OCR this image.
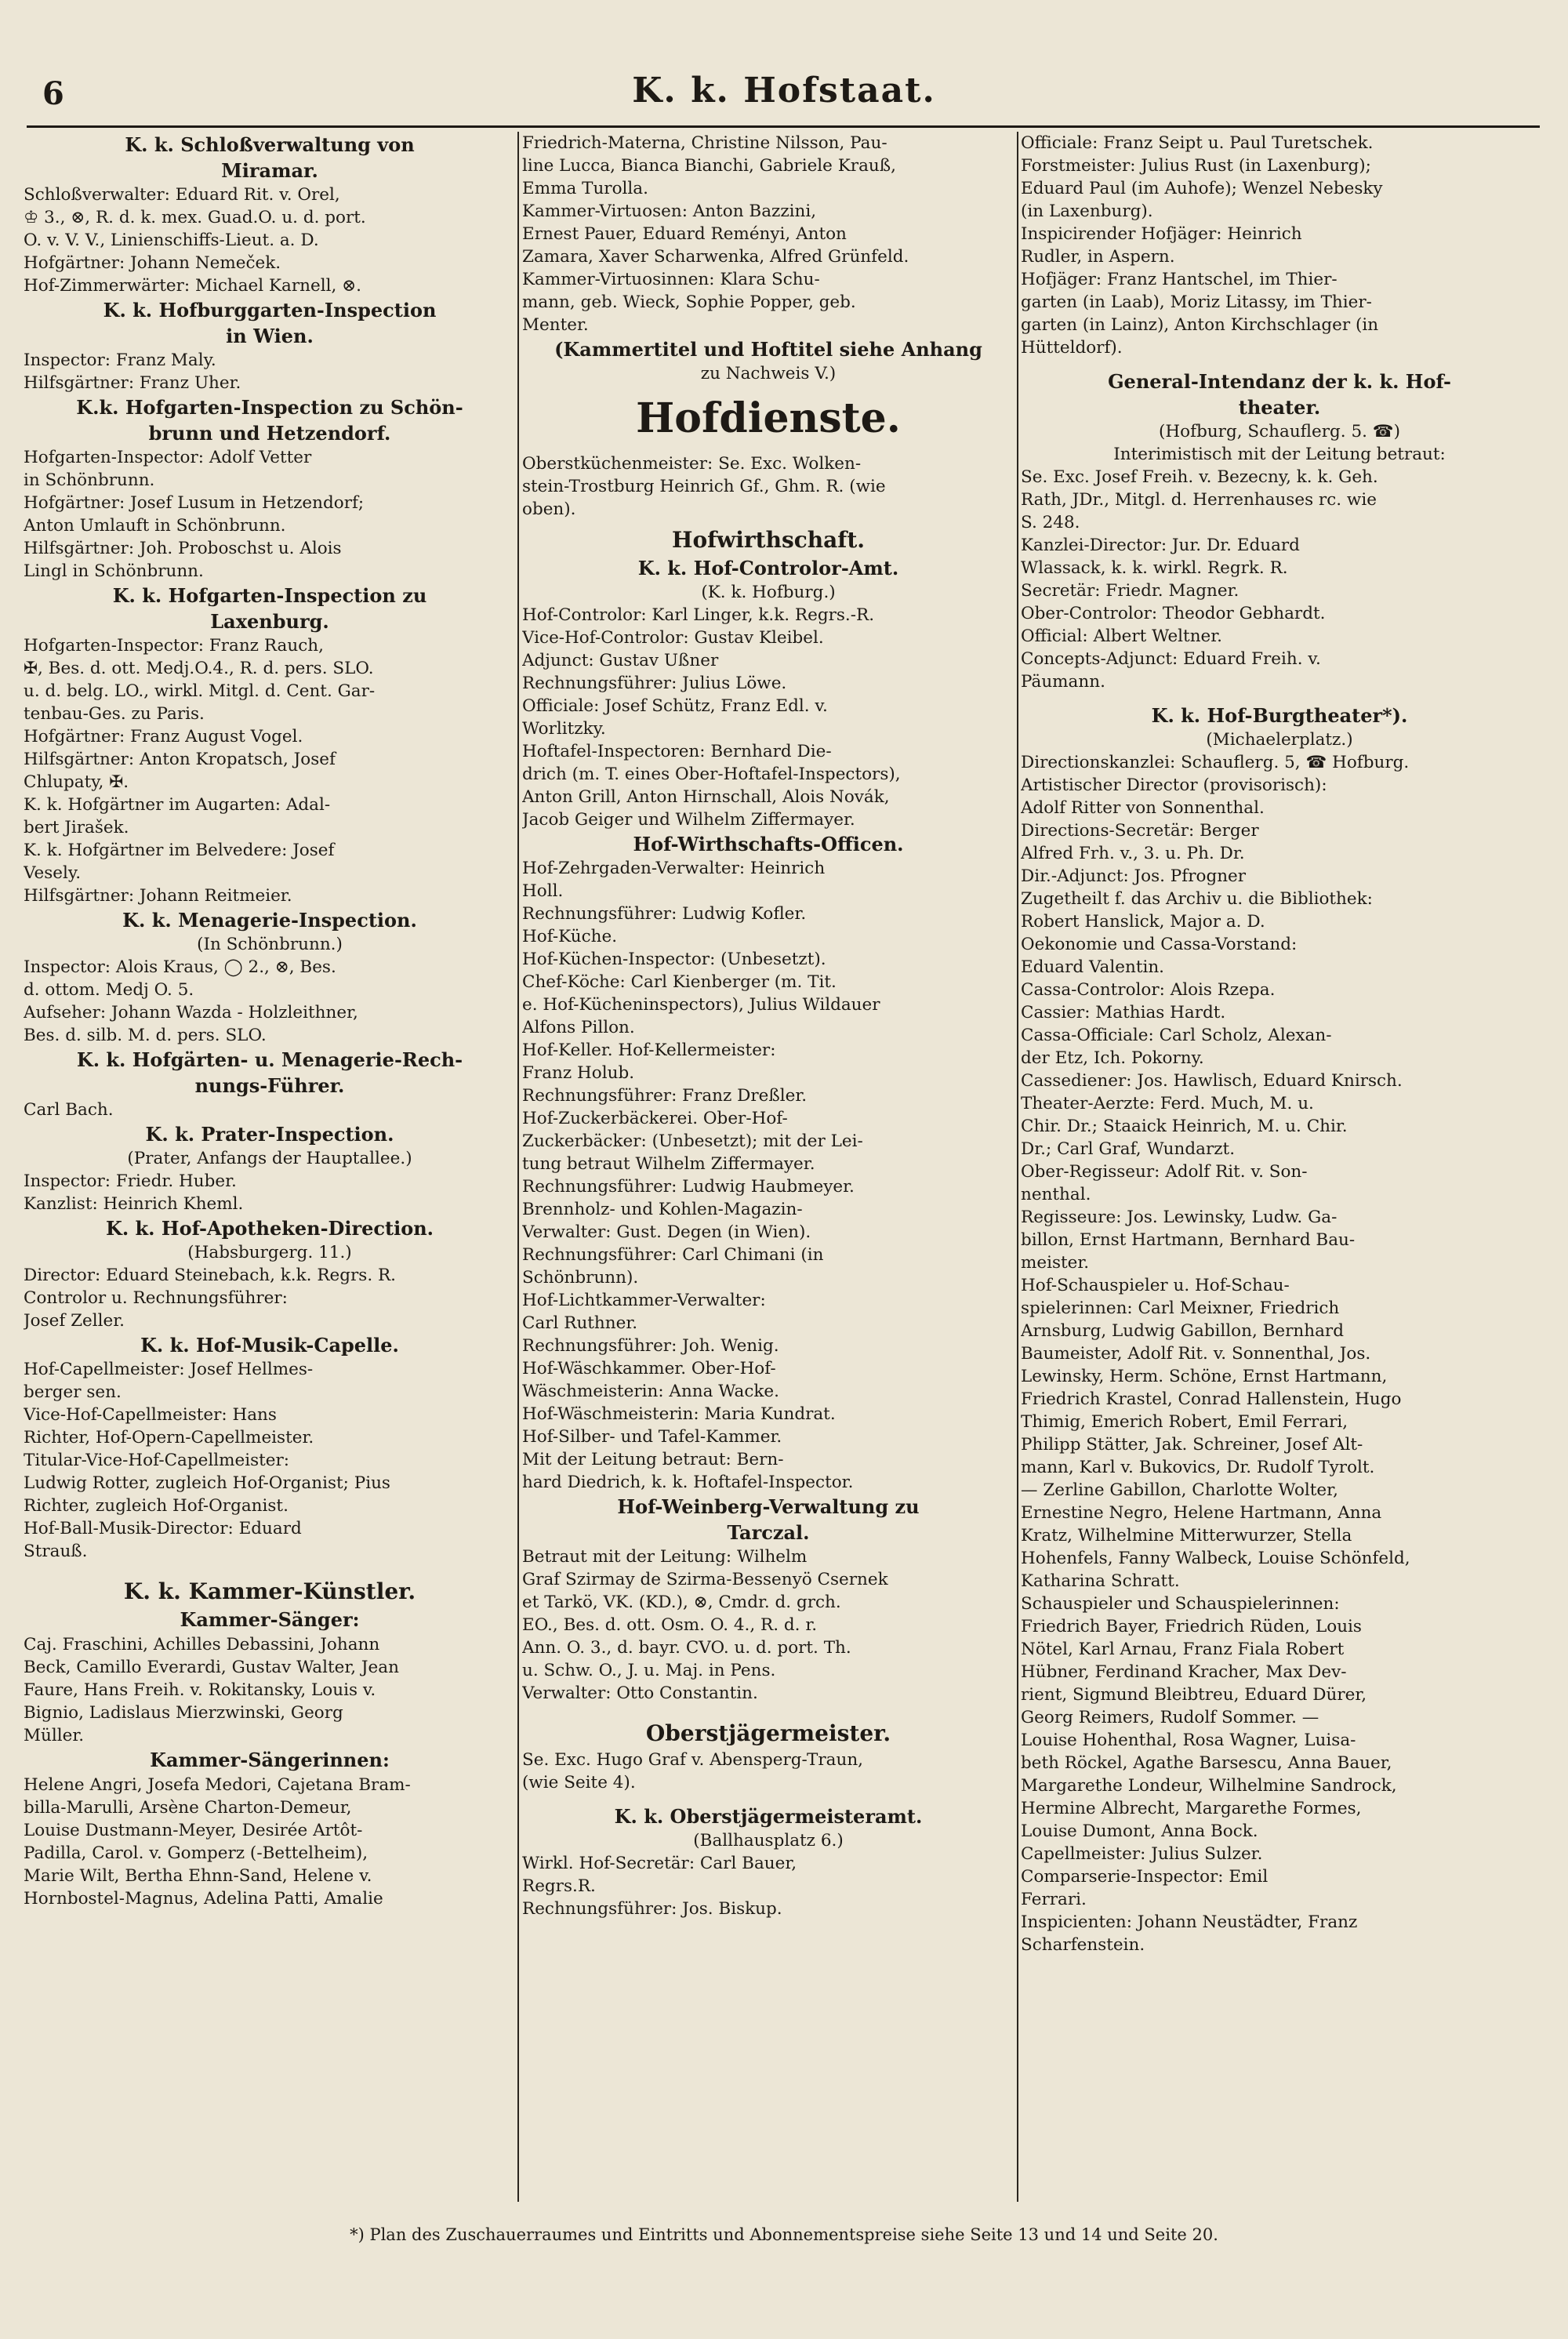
6	K. k. Hofstaat.
K. k. Schloßverwaltung von
Miramar.
Schloßverwalter: Eduard Rit. v. Orel,
♔ 3., ⊗, R. d. k. mex. Guad.O. u. d. port.
O. v. V. V., Linienschiffs-Lieut. a. D.
Hofgärtner: Johann Nemeček.
Hof-Zimmerwärter: Michael Karnell, ⊗.
K. k. Hofburggarten-Inspection
in Wien.
Inspector: Franz Maly.
Hilfsgärtner: Franz Uher.
K.k. Hofgarten-Inspection zu Schön-
brunn und Hetzendorf.
Hofgarten-Inspector: Adolf Vetter
in Schönbrunn.
Hofgärtner: Josef Lusum in Hetzendorf;
Anton Umlauft in Schönbrunn.
Hilfsgärtner: Joh. Proboschst u. Alois
Lingl in Schönbrunn.
K. k. Hofgarten-Inspection zu
Laxenburg.
Hofgarten-Inspector: Franz Rauch,
✠, Bes. d. ott. Medj.O.4., R. d. pers. SLO.
u. d. belg. LO., wirkl. Mitgl. d. Cent. Gar-
tenbau-Ges. zu Paris.
Hofgärtner: Franz August Vogel.
Hilfsgärtner: Anton Kropatsch, Josef
Chlupaty, ✠.
K. k. Hofgärtner im Augarten: Adal-
bert Jirašek.
K. k. Hofgärtner im Belvedere: Josef
Vesely.
Hilfsgärtner: Johann Reitmeier.
K. k. Menagerie-Inspection.
(In Schönbrunn.)
Inspector: Alois Kraus, ◯ 2., ⊗, Bes.
d. ottom. Medj O. 5.
Aufseher: Johann Wazda - Holzleithner,
Bes. d. silb. M. d. pers. SLO.
K. k. Hofgärten- u. Menagerie-Rech-
nungs-Führer.
Carl Bach.
K. k. Prater-Inspection.
(Prater, Anfangs der Hauptallee.)
Inspector: Friedr. Huber.
Kanzlist: Heinrich Kheml.
K. k. Hof-Apotheken-Direction.
(Habsburgerg. 11.)
Director: Eduard Steinebach, k.k. Regrs. R.
Controlor u. Rechnungsführer:
Josef Zeller.
K. k. Hof-Musik-Capelle.
Hof-Capellmeister: Josef Hellmes-
berger sen.
Vice-Hof-Capellmeister: Hans
Richter, Hof-Opern-Capellmeister.
Titular-Vice-Hof-Capellmeister:
Ludwig Rotter, zugleich Hof-Organist; Pius
Richter, zugleich Hof-Organist.
Hof-Ball-Musik-Director: Eduard
Strauß.
K. k. Kammer-Künstler.
Kammer-Sänger:
Caj. Fraschini, Achilles Debassini, Johann
Beck, Camillo Everardi, Gustav Walter, Jean
Faure, Hans Freih. v. Rokitansky, Louis v.
Bignio, Ladislaus Mierzwinski, Georg
Müller.
Kammer-Sängerinnen:
Helene Angri, Josefa Medori, Cajetana Bram-
billa-Marulli, Arsène Charton-Demeur,
Louise Dustmann-Meyer, Desirée Artôt-
Padilla, Carol. v. Gomperz (-Bettelheim),
Marie Wilt, Bertha Ehnn-Sand, Helene v.
Hornbostel-Magnus, Adelina Patti, Amalie
Friedrich-Materna, Christine Nilsson, Pau-
line Lucca, Bianca Bianchi, Gabriele Krauß,
Emma Turolla.
Kammer-Virtuosen: Anton Bazzini,
Ernest Pauer, Eduard Reményi, Anton
Zamara, Xaver Scharwenka, Alfred Grünfeld.
Kammer-Virtuosinnen: Klara Schu-
mann, geb. Wieck, Sophie Popper, geb.
Menter.
(Kammertitel und Hoftitel siehe Anhang
zu Nachweis V.)
Hofdienste.
Oberstküchenmeister: Se. Exc. Wolken-
stein-Trostburg Heinrich Gf., Ghm. R. (wie
oben).
Hofwirthschaft.
K. k. Hof-Controlor-Amt.
(K. k. Hofburg.)
Hof-Controlor: Karl Linger, k.k. Regrs.-R.
Vice-Hof-Controlor: Gustav Kleibel.
Adjunct: Gustav Ußner
Rechnungsführer: Julius Löwe.
Officiale: Josef Schütz, Franz Edl. v.
Worlitzky.
Hoftafel-Inspectoren: Bernhard Die-
drich (m. T. eines Ober-Hoftafel-Inspectors),
Anton Grill, Anton Hirnschall, Alois Novák,
Jacob Geiger und Wilhelm Ziffermayer.
Hof-Wirthschafts-Officen.
Hof-Zehrgaden-Verwalter: Heinrich
Holl.
Rechnungsführer: Ludwig Kofler.
Hof-Küche.
Hof-Küchen-Inspector: (Unbesetzt).
Chef-Köche: Carl Kienberger (m. Tit.
e. Hof-Kücheninspectors), Julius Wildauer
Alfons Pillon.
Hof-Keller. Hof-Kellermeister:
Franz Holub.
Rechnungsführer: Franz Dreßler.
Hof-Zuckerbäckerei. Ober-Hof-
Zuckerbäcker: (Unbesetzt); mit der Lei-
tung betraut Wilhelm Ziffermayer.
Rechnungsführer: Ludwig Haubmeyer.
Brennholz- und Kohlen-Magazin-
Verwalter: Gust. Degen (in Wien).
Rechnungsführer: Carl Chimani (in
Schönbrunn).
Hof-Lichtkammer-Verwalter:
Carl Ruthner.
Rechnungsführer: Joh. Wenig.
Hof-Wäschkammer. Ober-Hof-
Wäschmeisterin: Anna Wacke.
Hof-Wäschmeisterin: Maria Kundrat.
Hof-Silber- und Tafel-Kammer.
Mit der Leitung betraut: Bern-
hard Diedrich, k. k. Hoftafel-Inspector.
Hof-Weinberg-Verwaltung zu
Tarczal.
Betraut mit der Leitung: Wilhelm
Graf Szirmay de Szirma-Bessenyö Csernek
et Tarkö, VK. (KD.), ⊗, Cmdr. d. grch.
EO., Bes. d. ott. Osm. O. 4., R. d. r.
Ann. O. 3., d. bayr. CVO. u. d. port. Th.
u. Schw. O., J. u. Maj. in Pens.
Verwalter: Otto Constantin.
Oberstjägermeister.
Se. Exc. Hugo Graf v. Abensperg-Traun,
(wie Seite 4).
K. k. Oberstjägermeisteramt.
(Ballhausplatz 6.)
Wirkl. Hof-Secretär: Carl Bauer,
Regrs.R.
Rechnungsführer: Jos. Biskup.
Officiale: Franz Seipt u. Paul Turetschek.
Forstmeister: Julius Rust (in Laxenburg);
Eduard Paul (im Auhofe); Wenzel Nebesky
(in Laxenburg).
Inspicirender Hofjäger: Heinrich
Rudler, in Aspern.
Hofjäger: Franz Hantschel, im Thier-
garten (in Laab), Moriz Litassy, im Thier-
garten (in Lainz), Anton Kirchschlager (in
Hütteldorf).
General-Intendanz der k. k. Hof-
theater.
(Hofburg, Schauflerg. 5. ☎)
Interimistisch mit der Leitung betraut:
Se. Exc. Josef Freih. v. Bezecny, k. k. Geh.
Rath, JDr., Mitgl. d. Herrenhauses rc. wie
S. 248.
Kanzlei-Director: Jur. Dr. Eduard
Wlassack, k. k. wirkl. Regrk. R.
Secretär: Friedr. Magner.
Ober-Controlor: Theodor Gebhardt.
Official: Albert Weltner.
Concepts-Adjunct: Eduard Freih. v.
Päumann.
K. k. Hof-Burgtheater*).
(Michaelerplatz.)
Directionskanzlei: Schauflerg. 5, ☎ Hofburg.
Artistischer Director (provisorisch):
Adolf Ritter von Sonnenthal.
Directions-Secretär: Berger
Alfred Frh. v., 3. u. Ph. Dr.
Dir.-Adjunct: Jos. Pfrogner
Zugetheilt f. das Archiv u. die Bibliothek:
Robert Hanslick, Major a. D.
Oekonomie und Cassa-Vorstand:
Eduard Valentin.
Cassa-Controlor: Alois Rzepa.
Cassier: Mathias Hardt.
Cassa-Officiale: Carl Scholz, Alexan-
der Etz, Ich. Pokorny.
Cassediener: Jos. Hawlisch, Eduard Knirsch.
Theater-Aerzte: Ferd. Much, M. u.
Chir. Dr.; Staaick Heinrich, M. u. Chir.
Dr.; Carl Graf, Wundarzt.
Ober-Regisseur: Adolf Rit. v. Son-
nenthal.
Regisseure: Jos. Lewinsky, Ludw. Ga-
billon, Ernst Hartmann, Bernhard Bau-
meister.
Hof-Schauspieler u. Hof-Schau-
spielerinnen: Carl Meixner, Friedrich
Arnsburg, Ludwig Gabillon, Bernhard
Baumeister, Adolf Rit. v. Sonnenthal, Jos.
Lewinsky, Herm. Schöne, Ernst Hartmann,
Friedrich Krastel, Conrad Hallenstein, Hugo
Thimig, Emerich Robert, Emil Ferrari,
Philipp Stätter, Jak. Schreiner, Josef Alt-
mann, Karl v. Bukovics, Dr. Rudolf Tyrolt.
— Zerline Gabillon, Charlotte Wolter,
Ernestine Negro, Helene Hartmann, Anna
Kratz, Wilhelmine Mitterwurzer, Stella
Hohenfels, Fanny Walbeck, Louise Schönfeld,
Katharina Schratt.
Schauspieler und Schauspielerinnen:
Friedrich Bayer, Friedrich Rüden, Louis
Nötel, Karl Arnau, Franz Fiala Robert
Hübner, Ferdinand Kracher, Max Dev-
rient, Sigmund Bleibtreu, Eduard Dürer,
Georg Reimers, Rudolf Sommer. —
Louise Hohenthal, Rosa Wagner, Luisa-
beth Röckel, Agathe Barsescu, Anna Bauer,
Margarethe Londeur, Wilhelmine Sandrock,
Hermine Albrecht, Margarethe Formes,
Louise Dumont, Anna Bock.
Capellmeister: Julius Sulzer.
Comparserie-Inspector: Emil
Ferrari.
Inspicienten: Johann Neustädter, Franz
Scharfenstein.
*) Plan des Zuschauerraumes und Eintritts und Abonnementspreise siehe Seite 13 und 14 und Seite 20.
